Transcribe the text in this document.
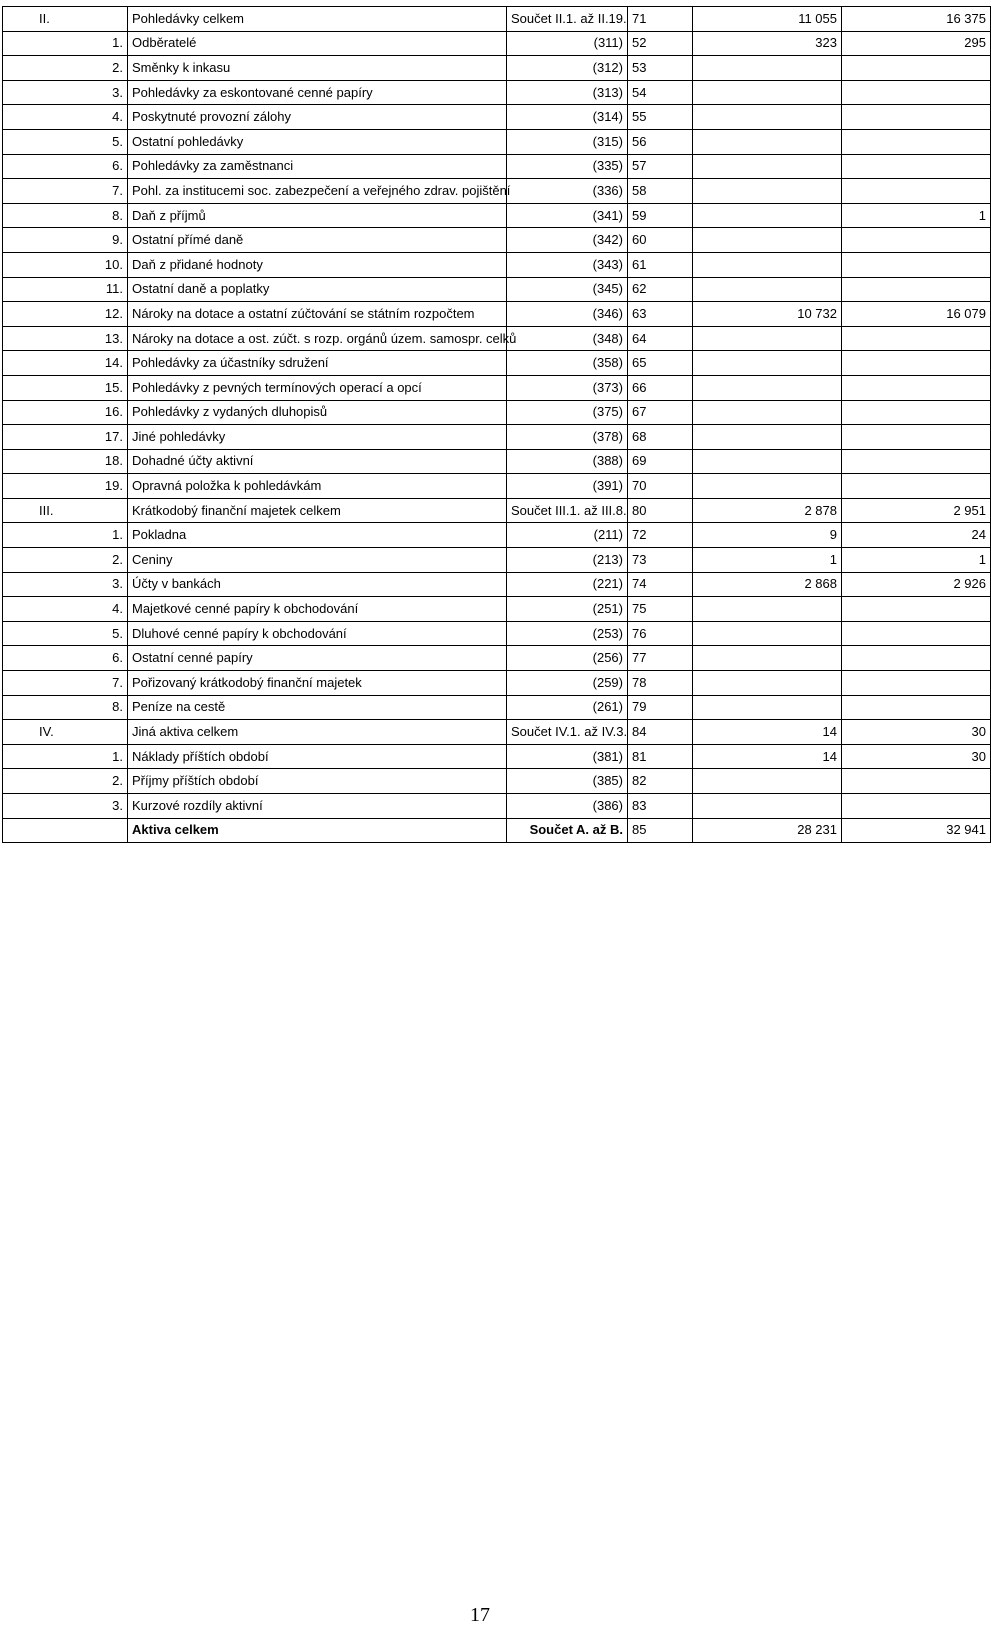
II.	Pohledávky celkem	Součet II.1. až II.19.	71	11 055	16 375
1.	Odběratelé	(311)	52	323	295
2.	Směnky k inkasu	(312)	53		
3.	Pohledávky za eskontované cenné papíry	(313)	54		
4.	Poskytnuté provozní zálohy	(314)	55		
5.	Ostatní pohledávky	(315)	56		
6.	Pohledávky za zaměstnanci	(335)	57		
7.	Pohl. za institucemi soc. zabezpečení a veřejného zdrav. pojištění	(336)	58		
8.	Daň z příjmů	(341)	59		1
9.	Ostatní přímé daně	(342)	60		
10.	Daň z přidané hodnoty	(343)	61		
11.	Ostatní daně a poplatky	(345)	62		
12.	Nároky na dotace a ostatní zúčtování se státním rozpočtem	(346)	63	10 732	16 079
13.	Nároky na dotace a ost. zúčt. s rozp. orgánů územ. samospr. celků	(348)	64		
14.	Pohledávky za účastníky sdružení	(358)	65		
15.	Pohledávky z pevných termínových operací a opcí	(373)	66		
16.	Pohledávky z vydaných dluhopisů	(375)	67		
17.	Jiné pohledávky	(378)	68		
18.	Dohadné účty aktivní	(388)	69		
19.	Opravná položka k pohledávkám	(391)	70		
III.	Krátkodobý finanční majetek celkem	Součet III.1. až III.8.	80	2 878	2 951
1.	Pokladna	(211)	72	9	24
2.	Ceniny	(213)	73	1	1
3.	Účty v bankách	(221)	74	2 868	2 926
4.	Majetkové cenné papíry k obchodování	(251)	75		
5.	Dluhové cenné papíry k obchodování	(253)	76		
6.	Ostatní cenné papíry	(256)	77		
7.	Pořizovaný krátkodobý finanční majetek	(259)	78		
8.	Peníze na cestě	(261)	79		
IV.	Jiná aktiva celkem	Součet IV.1. až IV.3.	84	14	30
1.	Náklady příštích období	(381)	81	14	30
2.	Příjmy příštích období	(385)	82		
3.	Kurzové rozdíly aktivní	(386)	83		
	Aktiva celkem	Součet A. až B.	85	28 231	32 941
17
